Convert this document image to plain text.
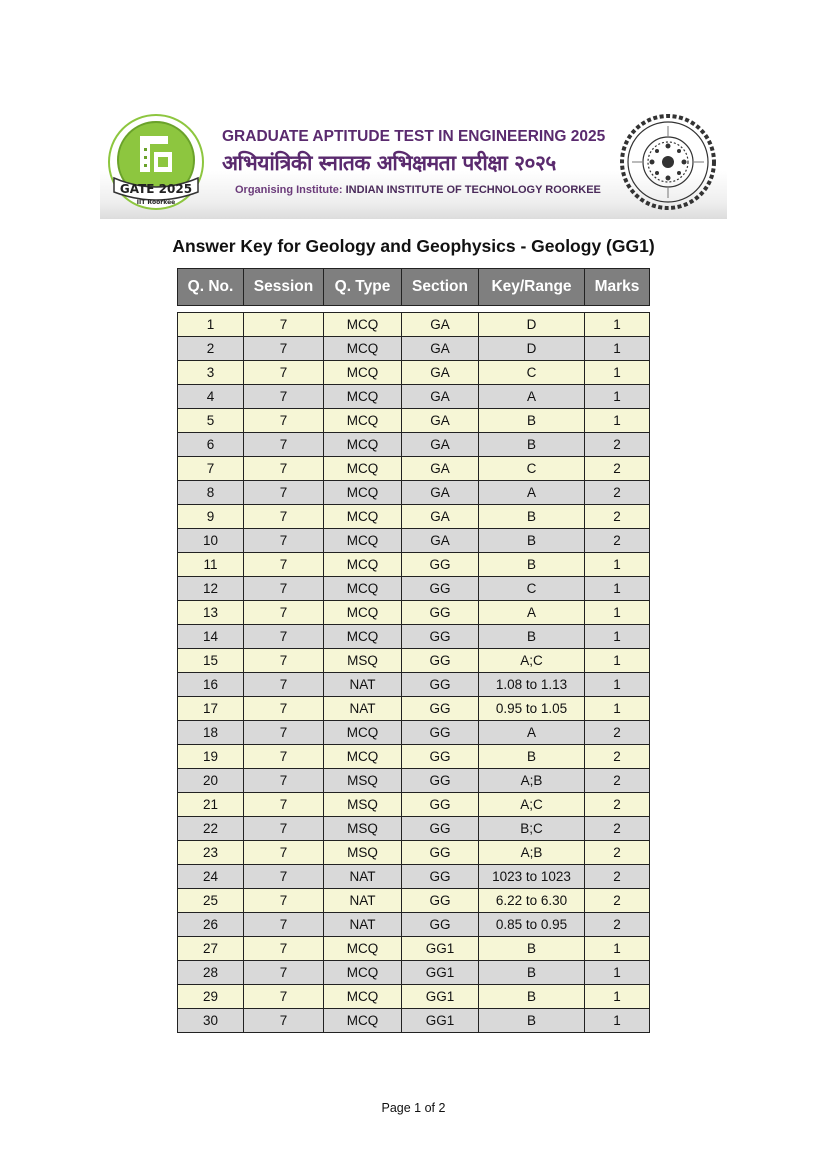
GATE 2025
IIT Roorkee
GRADUATE APTITUDE TEST IN ENGINEERING 2025
अभियांत्रिकी स्नातक अभिक्षमता परीक्षा २०२५
Organising Institute: INDIAN INSTITUTE OF TECHNOLOGY ROORKEE
Answer Key for Geology and Geophysics - Geology (GG1)
Q. No.	Session	Q. Type	Section	Key/Range	Marks

1	7	MCQ	GA	D	1
2	7	MCQ	GA	D	1
3	7	MCQ	GA	C	1
4	7	MCQ	GA	A	1
5	7	MCQ	GA	B	1
6	7	MCQ	GA	B	2
7	7	MCQ	GA	C	2
8	7	MCQ	GA	A	2
9	7	MCQ	GA	B	2
10	7	MCQ	GA	B	2
11	7	MCQ	GG	B	1
12	7	MCQ	GG	C	1
13	7	MCQ	GG	A	1
14	7	MCQ	GG	B	1
15	7	MSQ	GG	A;C	1
16	7	NAT	GG	1.08 to 1.13	1
17	7	NAT	GG	0.95 to 1.05	1
18	7	MCQ	GG	A	2
19	7	MCQ	GG	B	2
20	7	MSQ	GG	A;B	2
21	7	MSQ	GG	A;C	2
22	7	MSQ	GG	B;C	2
23	7	MSQ	GG	A;B	2
24	7	NAT	GG	1023 to 1023	2
25	7	NAT	GG	6.22 to 6.30	2
26	7	NAT	GG	0.85 to 0.95	2
27	7	MCQ	GG1	B	1
28	7	MCQ	GG1	B	1
29	7	MCQ	GG1	B	1
30	7	MCQ	GG1	B	1
Page 1 of 2
